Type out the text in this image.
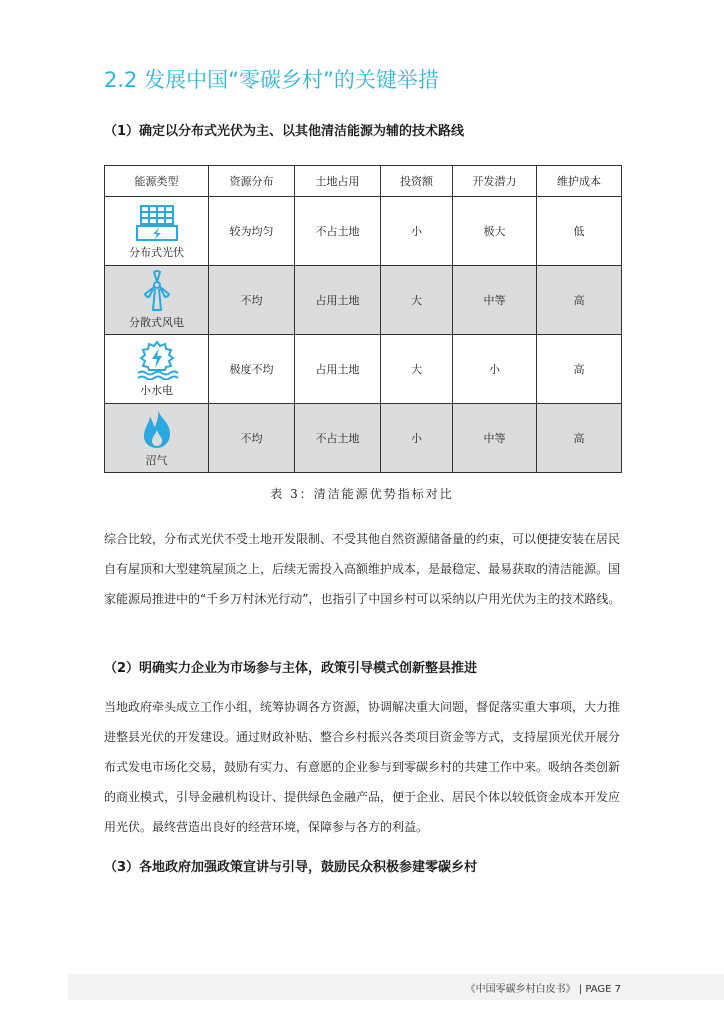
2.2 发展中国“零碳乡村”的关键举措
（1）确定以分布式光伏为主、以其他清洁能源为辅的技术路线
能源类型	资源分布	土地占用	投资额	开发潜力	维护成本

分布式光伏	较为均匀	不占土地	小	极大	低

分散式风电	不均	占用土地	大	中等	高

小水电	极度不均	占用土地	大	小	高

沼气	不均	不占土地	小	中等	高
表 3：清洁能源优势指标对比
综合比较，分布式光伏不受土地开发限制、不受其他自然资源储备量的约束，可以便捷安装在居民自有屋顶和大型建筑屋顶之上，后续无需投入高额维护成本，是最稳定、最易获取的清洁能源。国家能源局推进中的“千乡万村沐光行动”，也指引了中国乡村可以采纳以户用光伏为主的技术路线。
（2）明确实力企业为市场参与主体，政策引导模式创新整县推进
当地政府牵头成立工作小组，统筹协调各方资源，协调解决重大问题，督促落实重大事项，大力推进整县光伏的开发建设。通过财政补贴、整合乡村振兴各类项目资金等方式，支持屋顶光伏开展分布式发电市场化交易，鼓励有实力、有意愿的企业参与到零碳乡村的共建工作中来。吸纳各类创新的商业模式，引导金融机构设计、提供绿色金融产品，便于企业、居民个体以较低资金成本开发应用光伏。最终营造出良好的经营环境，保障参与各方的利益。
（3）各地政府加强政策宣讲与引导，鼓励民众积极参建零碳乡村
《中国零碳乡村白皮书》 | PAGE 7
